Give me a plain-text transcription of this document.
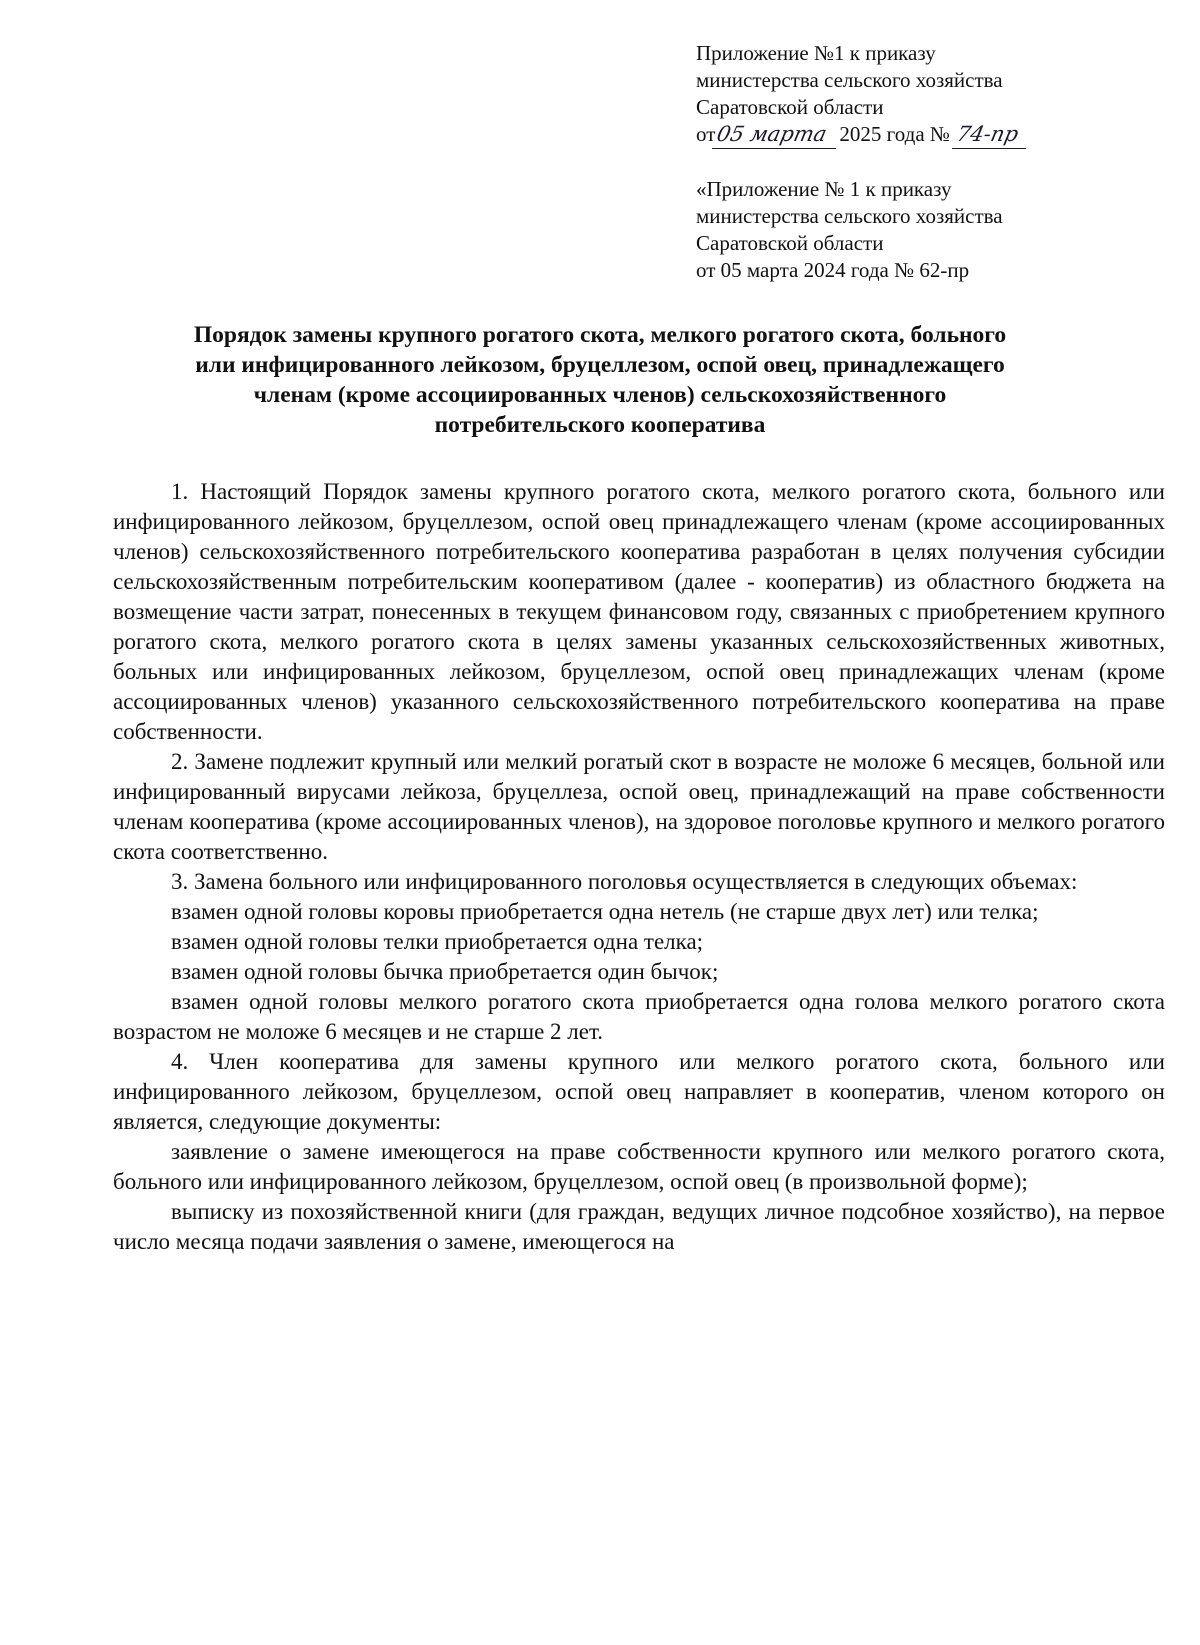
Приложение №1 к приказу
министерства сельского хозяйства
Саратовской области
от05 марта 2025 года № 74-пр
«Приложение № 1 к приказу
министерства сельского хозяйства
Саратовской области
от 05 марта 2024 года № 62-пр
Порядок замены крупного рогатого скота, мелкого рогатого скота, больного
или инфицированного лейкозом, бруцеллезом, оспой овец, принадлежащего
членам (кроме ассоциированных членов) сельскохозяйственного
потребительского кооператива

1. Настоящий Порядок замены крупного рогатого скота, мелкого рогатого скота, больного или инфицированного лейкозом, бруцеллезом, оспой овец принадлежащего членам (кроме ассоциированных членов) сельскохозяйственного потребительского кооператива разработан в целях получения субсидии сельскохозяйственным потребительским кооперативом (далее - кооператив) из областного бюджета на возмещение части затрат, понесенных в текущем финансовом году, связанных с приобретением крупного рогатого скота, мелкого рогатого скота в целях замены указанных сельскохозяйственных животных, больных или инфицированных лейкозом, бруцеллезом, оспой овец принадлежащих членам (кроме ассоциированных членов) указанного сельскохозяйственного потребительского кооператива на праве собственности.

2. Замене подлежит крупный или мелкий рогатый скот в возрасте не моложе 6 месяцев, больной или инфицированный вирусами лейкоза, бруцеллеза, оспой овец, принадлежащий на праве собственности членам кооператива (кроме ассоциированных членов), на здоровое поголовье крупного и мелкого рогатого скота соответственно.

3. Замена больного или инфицированного поголовья осуществляется в следующих объемах:

взамен одной головы коровы приобретается одна нетель (не старше двух лет) или телка;

взамен одной головы телки приобретается одна телка;

взамен одной головы бычка приобретается один бычок;

взамен одной головы мелкого рогатого скота приобретается одна голова мелкого рогатого скота возрастом не моложе 6 месяцев и не старше 2 лет.

4. Член кооператива для замены крупного или мелкого рогатого скота, больного или инфицированного лейкозом, бруцеллезом, оспой овец направляет в кооператив, членом которого он является, следующие документы:

заявление о замене имеющегося на праве собственности крупного или мелкого рогатого скота, больного или инфицированного лейкозом, бруцеллезом, оспой овец (в произвольной форме);

выписку из похозяйственной книги (для граждан, ведущих личное подсобное хозяйство), на первое число месяца подачи заявления о замене, имеющегося на
